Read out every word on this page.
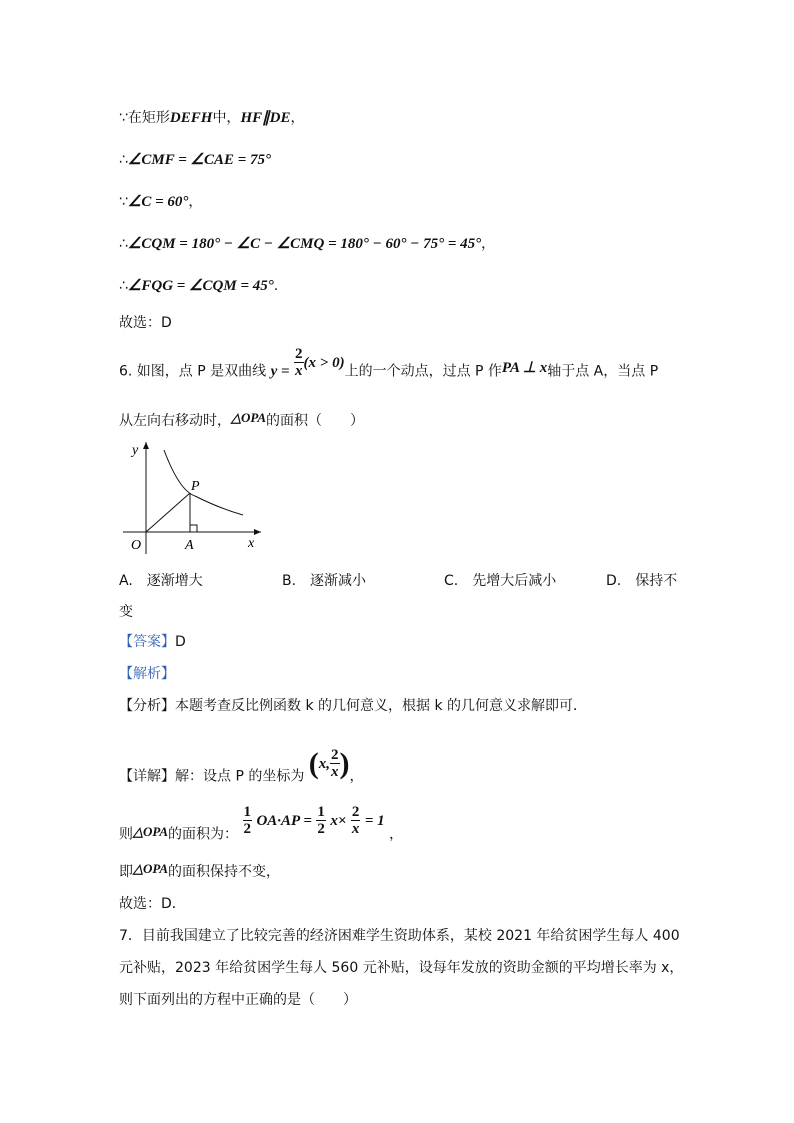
∵在矩形DEFH中，HF∥DE，
∴∠CMF = ∠CAE = 75°
∵∠C = 60°，
∴∠CQM = 180° − ∠C − ∠CMQ = 180° − 60° − 75° = 45°，
∴∠FQG = ∠CQM = 45°.
故选：D
6. 如图，点 P 是双曲线 $y = \frac{2}{x} (x > 0)$上的一个动点，过点 P 作PA ⊥ x轴于点 A，当点 P
从左向右移动时，△OPA的面积（　　）
y
x
O	A
P
A.　逐渐增大	B.　逐渐减小	C.　先增大后减小	D.　保持不
变
【答案】D
【解析】
【分析】本题考查反比例函数 k 的几何意义，根据 k 的几何意义求解即可．
【详解】解：设点 P 的坐标为 (x, $\frac{2}{x}$ )，
则△OPA的面积为： $\frac{1}{2} OA\cdot AP = \frac{1}{2} x\times \frac{2}{x} = 1$ ，
即△OPA的面积保持不变，
故选：D．
7．目前我国建立了比较完善的经济困难学生资助体系，某校 2021 年给贫困学生每人 400
元补贴，2023 年给贫困学生每人 560 元补贴，设每年发放的资助金额的平均增长率为 x，
则下面列出的方程中正确的是（　　）
